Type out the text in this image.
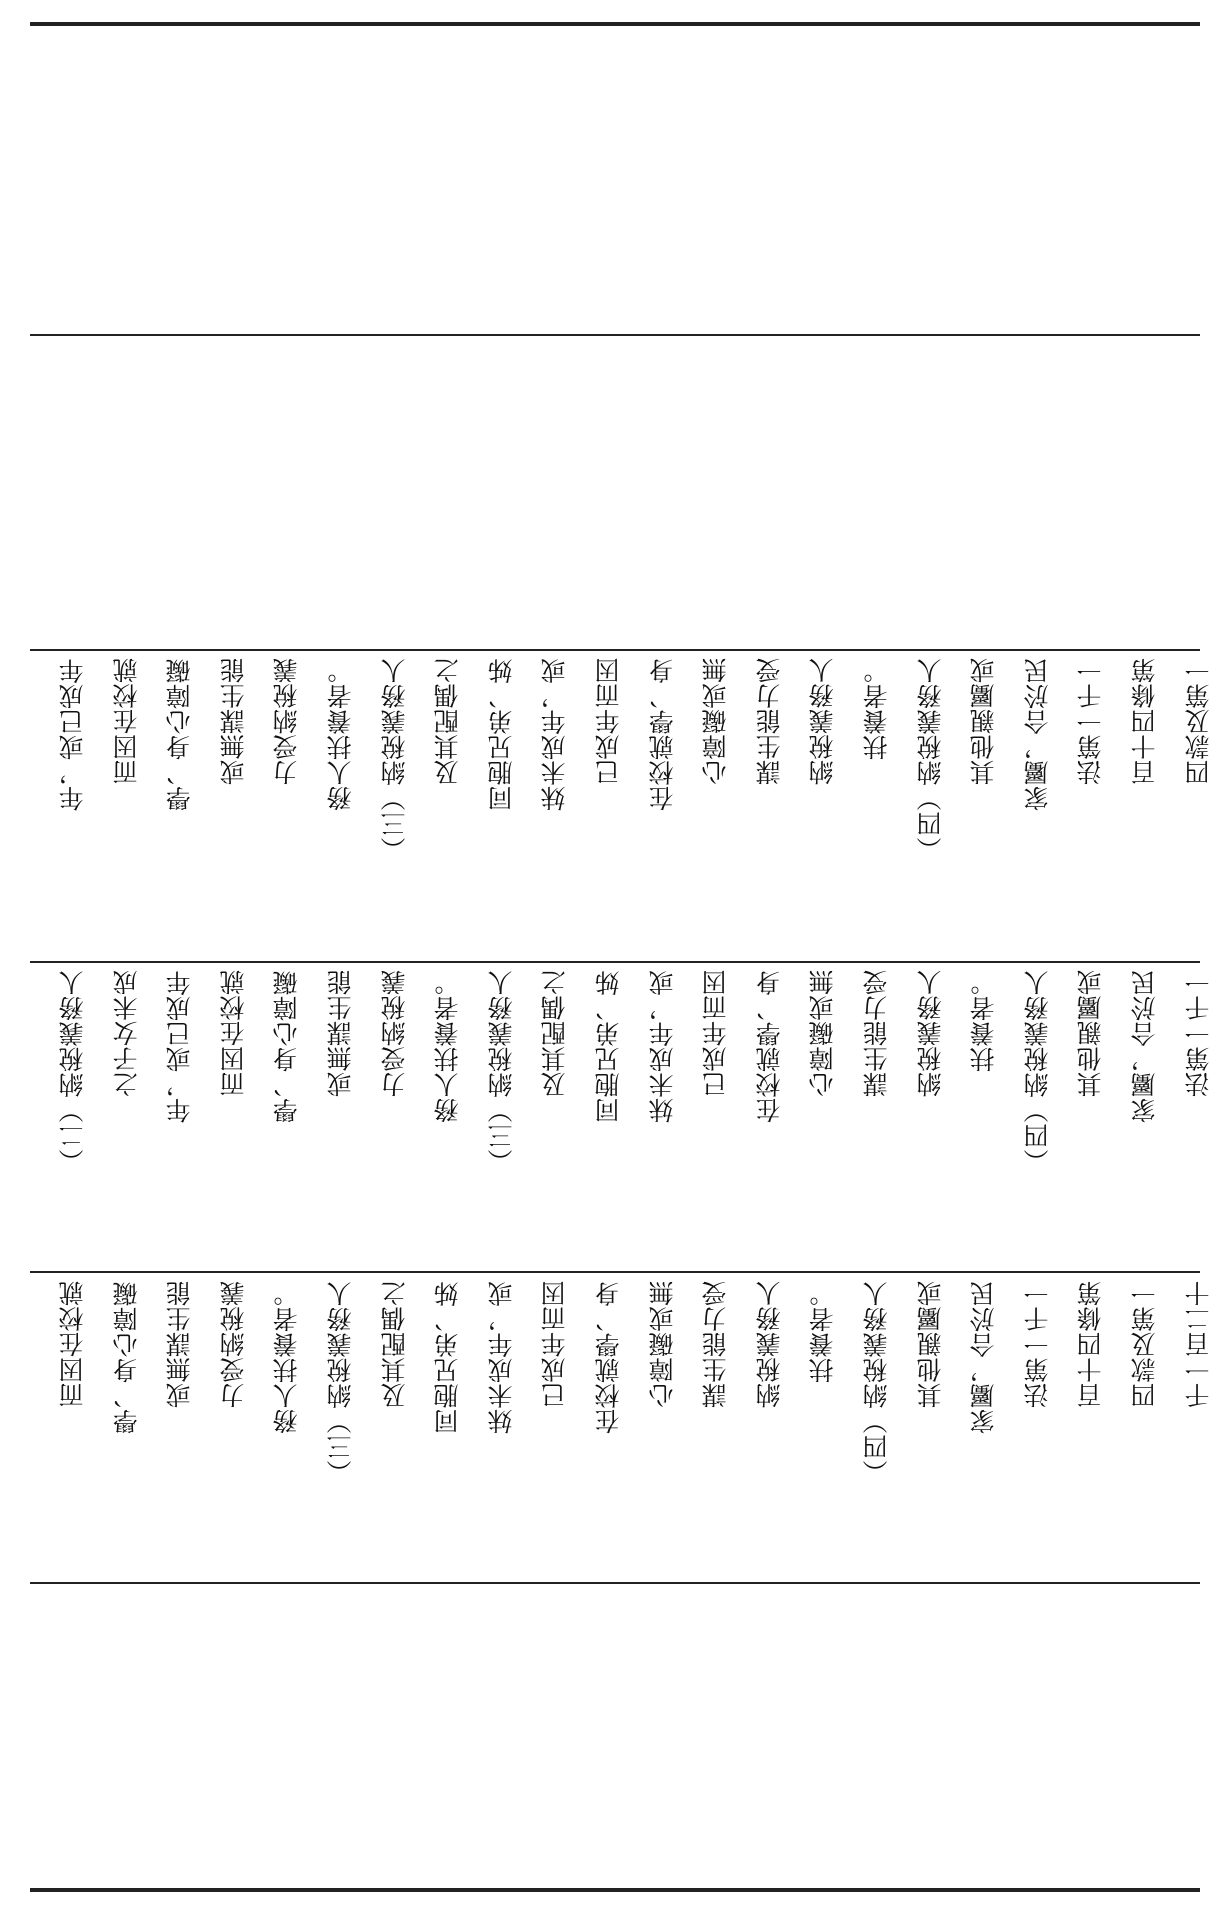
年，或已成年 而因在校就 學、身心障礙 或無謀生能 力受納稅義 務人扶養者。 （三）納稅義務人 及其配偶之 同胞兄弟、姊 妹未成年，或 已成年而因 在校就學、身 心障礙或無 謀生能力受 納稅義務人 扶養者。 （四）納稅義務人 其他親屬或 家屬，合於民 法第一千一 百十四條第 四款及第一
（二）納稅義務人 之子女未成 年，或已成年 而因在校就 學、身心障礙 或無謀生能 力受納稅義 務人扶養者。 （三）納稅義務人 及其配偶之 同胞兄弟、姊 妹未成年，或 已成年而因 在校就學、身 心障礙或無 謀生能力受 納稅義務人 扶養者。 （四）納稅義務人 其他親屬或 家屬，合於民 法第一千一
而因在校就 學、身心障礙 或無謀生能 力受納稅義 務人扶養者。 （三）納稅義務人 及其配偶之 同胞兄弟、姊 妹未成年，或 已成年而因 在校就學、身 心障礙或無 謀生能力受 納稅義務人 扶養者。 （四）納稅義務人 其他親屬或 家屬，合於民 法第一千一 百十四條第 四款及第一 千一百二十
